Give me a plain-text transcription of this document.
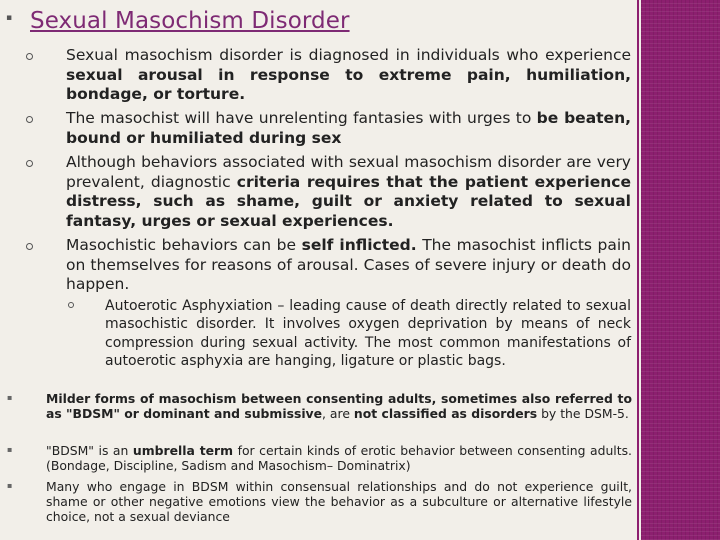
▪ Sexual Masochism Disorder
Sexual masochism disorder is diagnosed in individuals who experience sexual arousal in response to extreme pain, humiliation, bondage, or torture.
The masochist will have unrelenting fantasies with urges to be beaten, bound or humiliated during sex
Although behaviors associated with sexual masochism disorder are very prevalent, diagnostic criteria requires that the patient experience distress, such as shame, guilt or anxiety related to sexual fantasy, urges or sexual experiences.
Masochistic behaviors can be self inflicted. The masochist inflicts pain on themselves for reasons of arousal. Cases of severe injury or death do happen.
Autoerotic Asphyxiation – leading cause of death directly related to sexual masochistic disorder. It involves oxygen deprivation by means of neck compression during sexual activity. The most common manifestations of autoerotic asphyxia are hanging, ligature or plastic bags.
▪	Milder forms of masochism between consenting adults, sometimes also referred to as "BDSM" or dominant and submissive, are not classified as disorders by the DSM-5.
▪	"BDSM" is an umbrella term for certain kinds of erotic behavior between consenting adults.(Bondage, Discipline, Sadism and Masochism– Dominatrix)
▪	Many who engage in BDSM within consensual relationships and do not experience guilt, shame or other negative emotions view the behavior as a subculture or alternative lifestyle choice, not a sexual deviance
